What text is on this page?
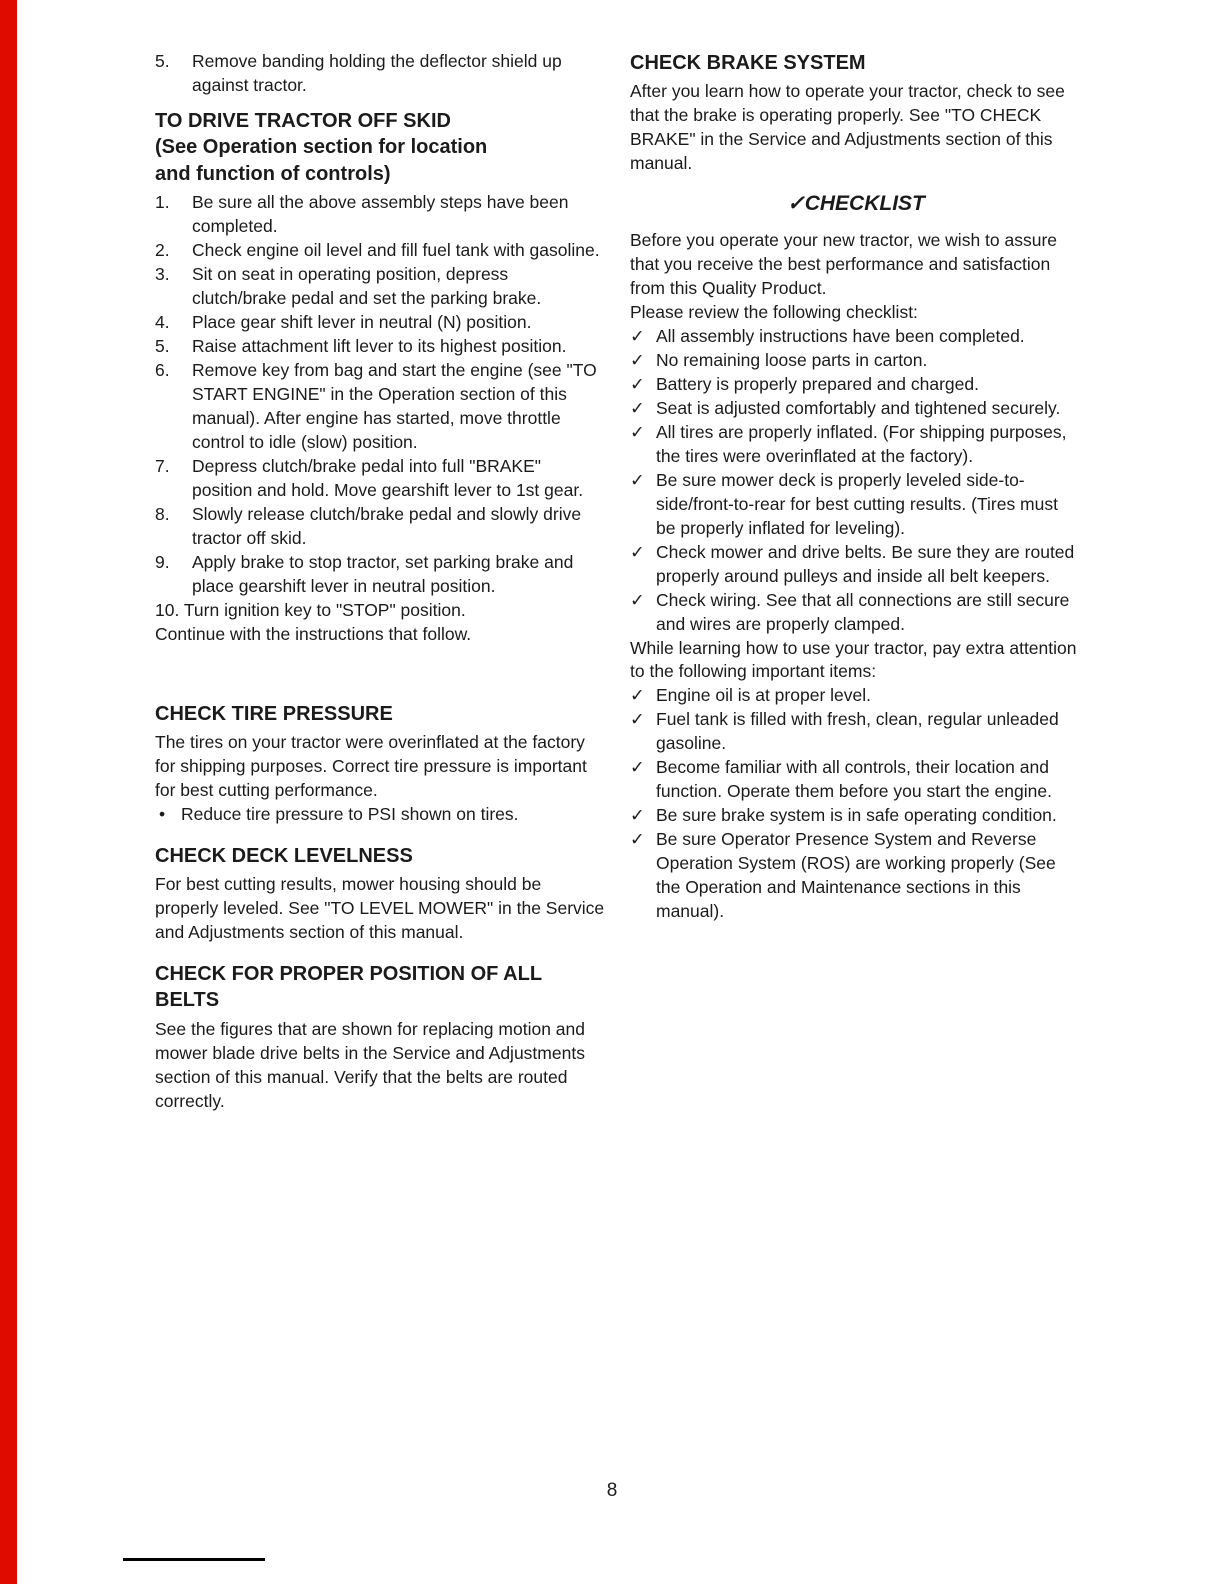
5.	Remove banding holding the deflector shield up against tractor.
TO DRIVE TRACTOR OFF SKID
(See Operation section for location
and function of controls)
1.	Be sure all the above assembly steps have been completed.
2.	Check engine oil level and fill fuel tank with gasoline.
3.	Sit on seat in operating position, depress clutch/brake pedal and set the parking brake.
4.	Place gear shift lever in neutral (N) position.
5.	Raise attachment lift lever to its highest position.
6.	Remove key from bag and start the engine (see "TO START ENGINE" in the Operation section of this manual). After engine has started, move throttle control to idle (slow) position.
7.	Depress clutch/brake pedal into full "BRAKE" position and hold. Move gearshift lever to 1st gear.
8.	Slowly release clutch/brake pedal and slowly drive tractor off skid.
9.	Apply brake to stop tractor, set parking brake and place gearshift lever in neutral position.
10. Turn ignition key to "STOP" position.
Continue with the instructions that follow.
CHECK TIRE PRESSURE
The tires on your tractor were overinflated at the factory for shipping purposes. Correct tire pressure is important for best cutting performance.
• Reduce tire pressure to PSI shown on tires.
CHECK DECK LEVELNESS
For best cutting results, mower housing should be properly leveled. See "TO LEVEL MOWER" in the Service and Adjustments section of this manual.
CHECK FOR PROPER POSITION OF ALL BELTS
See the figures that are shown for replacing motion and mower blade drive belts in the Service and Adjustments section of this manual. Verify that the belts are routed correctly.
CHECK BRAKE SYSTEM
After you learn how to operate your tractor, check to see that the brake is operating properly. See "TO CHECK BRAKE" in the Service and Adjustments section of this manual.
✓CHECKLIST
Before you operate your new tractor, we wish to assure that you receive the best performance and satisfaction from this Quality Product.
Please review the following checklist:
✓ All assembly instructions have been completed.
✓ No remaining loose parts in carton.
✓ Battery is properly prepared and charged.
✓ Seat is adjusted comfortably and tightened securely.
✓ All tires are properly inflated. (For shipping purposes, the tires were overinflated at the factory).
✓ Be sure mower deck is properly leveled side-to-side/front-to-rear for best cutting results. (Tires must be properly inflated for leveling).
✓ Check mower and drive belts. Be sure they are routed properly around pulleys and inside all belt keepers.
✓ Check wiring. See that all connections are still secure and wires are properly clamped.
While learning how to use your tractor, pay extra attention to the following important items:
✓ Engine oil is at proper level.
✓ Fuel tank is filled with fresh, clean, regular unleaded gasoline.
✓ Become familiar with all controls, their location and function. Operate them before you start the engine.
✓ Be sure brake system is in safe operating condition.
✓ Be sure Operator Presence System and Reverse Operation System (ROS) are working properly (See the Operation and Maintenance sections in this manual).
8
